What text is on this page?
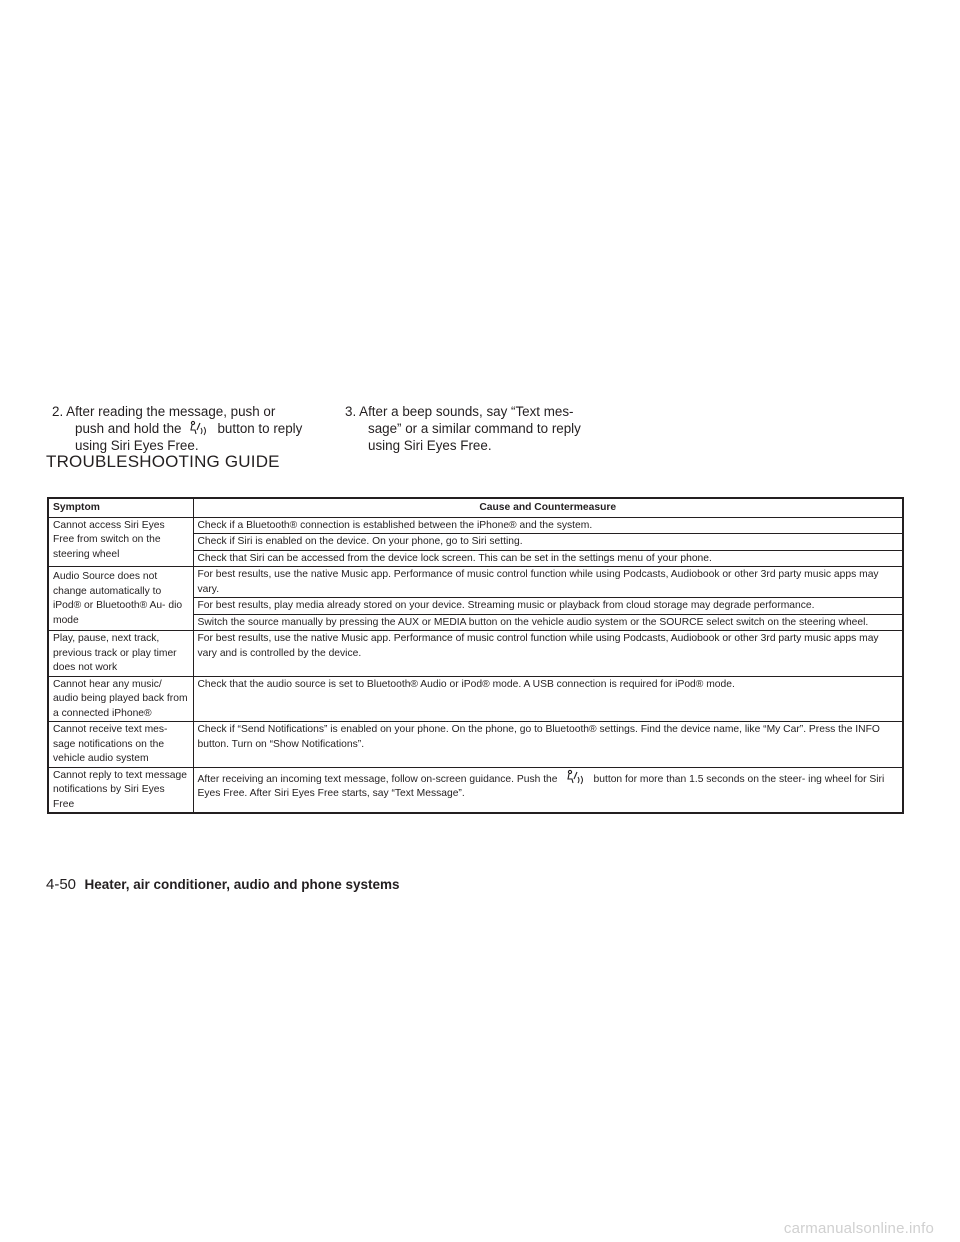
2. After reading the message, push or
push and hold the	button to reply
using Siri Eyes Free.
3. After a beep sounds, say “Text mes-
sage” or a similar command to reply
using Siri Eyes Free.
TROUBLESHOOTING GUIDE
Symptom	Cause and Countermeasure
Cannot access Siri Eyes Free from switch on the steering wheel	Check if a Bluetooth® connection is established between the iPhone® and the system.
	Check if Siri is enabled on the device. On your phone, go to Siri setting.
	Check that Siri can be accessed from the device lock screen. This can be set in the settings menu of your phone.
Audio Source does not change automatically to iPod® or Bluetooth® Au- dio mode	For best results, use the native Music app. Performance of music control function while using Podcasts, Audiobook or other 3rd party music apps may vary.
	For best results, play media already stored on your device. Streaming music or playback from cloud storage may degrade performance.
	Switch the source manually by pressing the AUX or MEDIA button on the vehicle audio system or the SOURCE select switch on the steering wheel.
Play, pause, next track, previous track or play timer does not work	For best results, use the native Music app. Performance of music control function while using Podcasts, Audiobook or other 3rd party music apps may vary and is controlled by the device.
Cannot hear any music/ audio being played back from a connected iPhone®	Check that the audio source is set to Bluetooth® Audio or iPod® mode. A USB connection is required for iPod® mode.
Cannot receive text mes- sage notifications on the vehicle audio system	Check if “Send Notifications” is enabled on your phone. On the phone, go to Bluetooth® settings. Find the device name, like “My Car”. Press the INFO button. Turn on “Show Notifications”.
Cannot reply to text message notifications by Siri Eyes Free	After receiving an incoming text message, follow on-screen guidance. Push the button for more than 1.5 seconds on the steer- ing wheel for Siri Eyes Free. After Siri Eyes Free starts, say “Text Message”.
4-50 Heater, air conditioner, audio and phone systems
carmanualsonline.info
